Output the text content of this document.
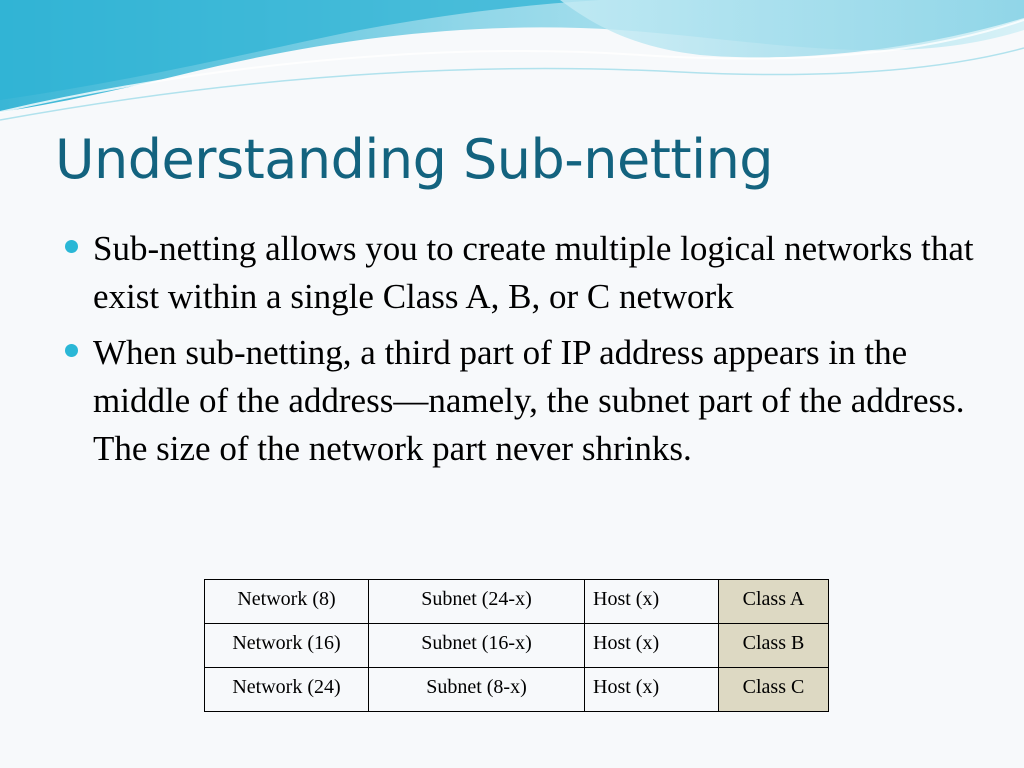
Understanding Sub-netting
Sub-netting allows you to create multiple logical networks that exist within a single Class A, B, or C network
When sub-netting, a third part of IP address appears in the middle of the address—namely, the subnet part of the address. The size of the network part never shrinks.
Network (8)	Subnet (24-x)	Host (x)	Class A
Network (16)	Subnet (16-x)	Host (x)	Class B
Network (24)	Subnet (8-x)	Host (x)	Class C
